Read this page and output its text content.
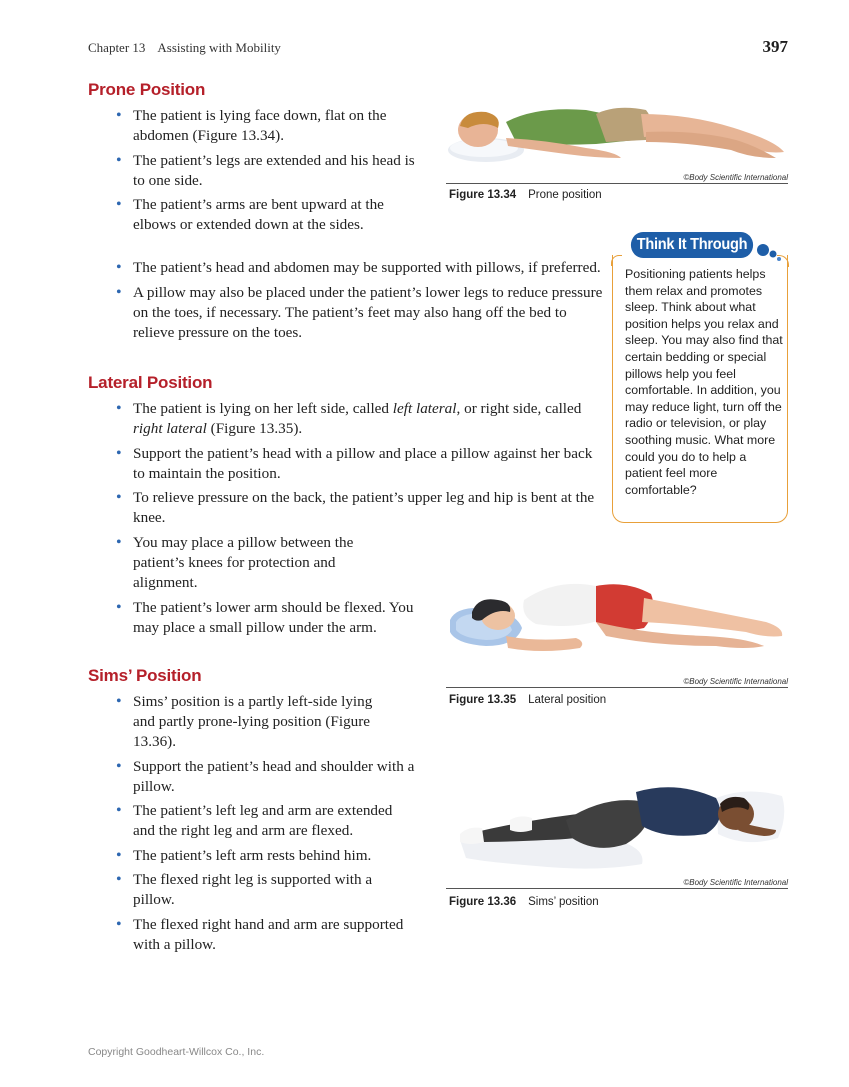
Chapter 13 Assisting with Mobility	397
Prone Position
• The patient is lying face down, flat on the abdomen (Figure 13.34).
• The patient’s legs are extended and his head is to one side.
• The patient’s arms are bent upward at the elbows or extended down at the sides.
• The patient’s head and abdomen may be supported with pillows, if preferred.
• A pillow may also be placed under the patient’s lower legs to reduce pressure on the toes, if necessary. The patient’s feet may also hang off the bed to relieve pressure on the toes.
©Body Scientific International
Figure 13.34 Prone position
Think It Through
Positioning patients helps them relax and promotes sleep. Think about what position helps you relax and sleep. You may also find that certain bedding or special pillows help you feel comfortable. In addition, you may reduce light, turn off the radio or television, or play soothing music. What more could you do to help a patient feel more comfortable?
Lateral Position
• The patient is lying on her left side, called left lateral, or right side, called right lateral (Figure 13.35).
• Support the patient’s head with a pillow and place a pillow against her back to maintain the position.
• To relieve pressure on the back, the patient’s upper leg and hip is bent at the knee.
• You may place a pillow between the patient’s knees for protection and alignment.
• The patient’s lower arm should be flexed. You may place a small pillow under the arm.
©Body Scientific International
Figure 13.35 Lateral position
Sims’ Position
• Sims’ position is a partly left-side lying and partly prone-lying position (Figure 13.36).
• Support the patient’s head and shoulder with a pillow.
• The patient’s left leg and arm are extended and the right leg and arm are flexed.
• The patient’s left arm rests behind him.
• The flexed right leg is supported with a pillow.
• The flexed right hand and arm are supported with a pillow.
©Body Scientific International
Figure 13.36 Sims’ position
Copyright Goodheart-Willcox Co., Inc.
